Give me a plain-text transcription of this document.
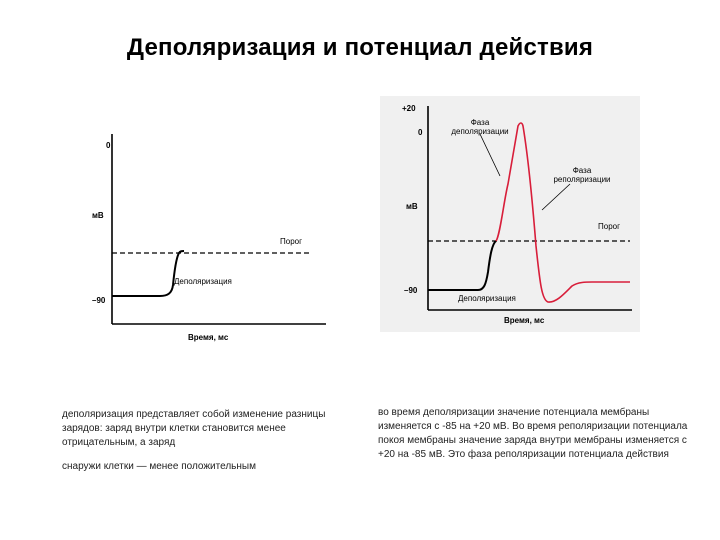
Деполяризация и потенциал действия
0
–90
мВ
Порог
Деполяризация
Время, мс
+20
0
–90
мВ
Порог
Фаза
деполяризации
Фаза
реполяризации
Деполяризация
Время, мс
деполяризация представляет собой изменение разницы зарядов: заряд внутри клетки становится менее отрицательным, а заряд
снаружи клетки — менее положительным
во время деполяризации значение потенциала мембраны изменяется с -85 на +20 мВ. Во время реполяризации потенциала покоя мембраны значение заряда внутри мембраны изменяется с +20 на -85 мВ. Это фаза реполяризации потенциала действия
